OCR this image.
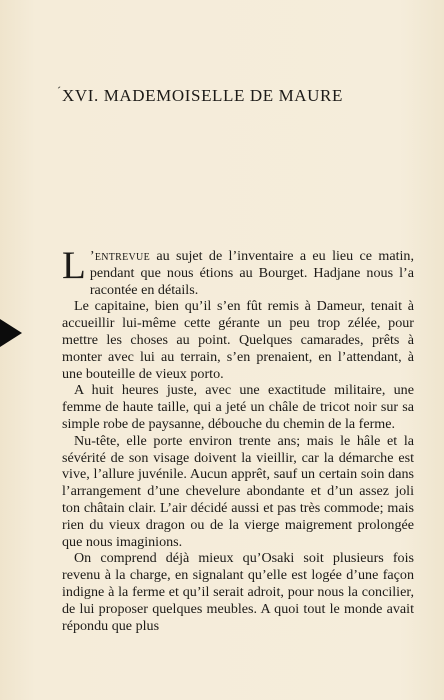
´ XVI. MADEMOISELLE DE MAURE

L ’entrevue au sujet de l’inventaire a eu lieu ce matin, pendant que nous étions au Bourget. Hadjane nous l’a racontée en détails.

Le capitaine, bien qu’il s’en fût remis à Dameur, tenait à accueillir lui-même cette gérante un peu trop zélée, pour mettre les choses au point. Quelques camarades, prêts à monter avec lui au terrain, s’en prenaient, en l’attendant, à une bouteille de vieux porto.

A huit heures juste, avec une exactitude militaire, une femme de haute taille, qui a jeté un châle de tricot noir sur sa simple robe de paysanne, débouche du chemin de la ferme.

Nu-tête, elle porte environ trente ans; mais le hâle et la sévérité de son visage doivent la vieillir, car la démarche est vive, l’allure juvénile. Aucun apprêt, sauf un certain soin dans l’arrangement d’une chevelure abondante et d’un assez joli ton châtain clair. L’air décidé aussi et pas très commode; mais rien du vieux dragon ou de la vierge maigrement prolongée que nous imaginions.

On comprend déjà mieux qu’Osaki soit plusieurs fois revenu à la charge, en signalant qu’elle est logée d’une façon indigne à la ferme et qu’il serait adroit, pour nous la concilier, de lui proposer quelques meubles. A quoi tout le monde avait répondu que plus
